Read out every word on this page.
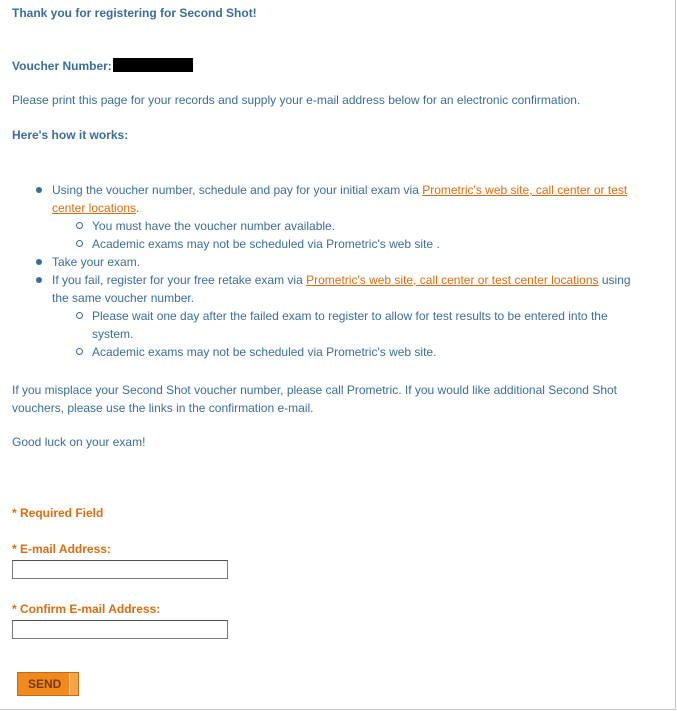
Thank you for registering for Second Shot!
Voucher Number:
Please print this page for your records and supply your e-mail address below for an electronic confirmation.
Here's how it works:
Using the voucher number, schedule and pay for your initial exam via Prometric's web site, call center or test center locations.
You must have the voucher number available.
Academic exams may not be scheduled via Prometric's web site .
Take your exam.
If you fail, register for your free retake exam via Prometric's web site, call center or test center locations using the same voucher number.
Please wait one day after the failed exam to register to allow for test results to be entered into the system.
Academic exams may not be scheduled via Prometric's web site.
If you misplace your Second Shot voucher number, please call Prometric. If you would like additional Second Shot vouchers, please use the links in the confirmation e-mail.
Good luck on your exam!
* Required Field
* E-mail Address:
* Confirm E-mail Address:
SEND
